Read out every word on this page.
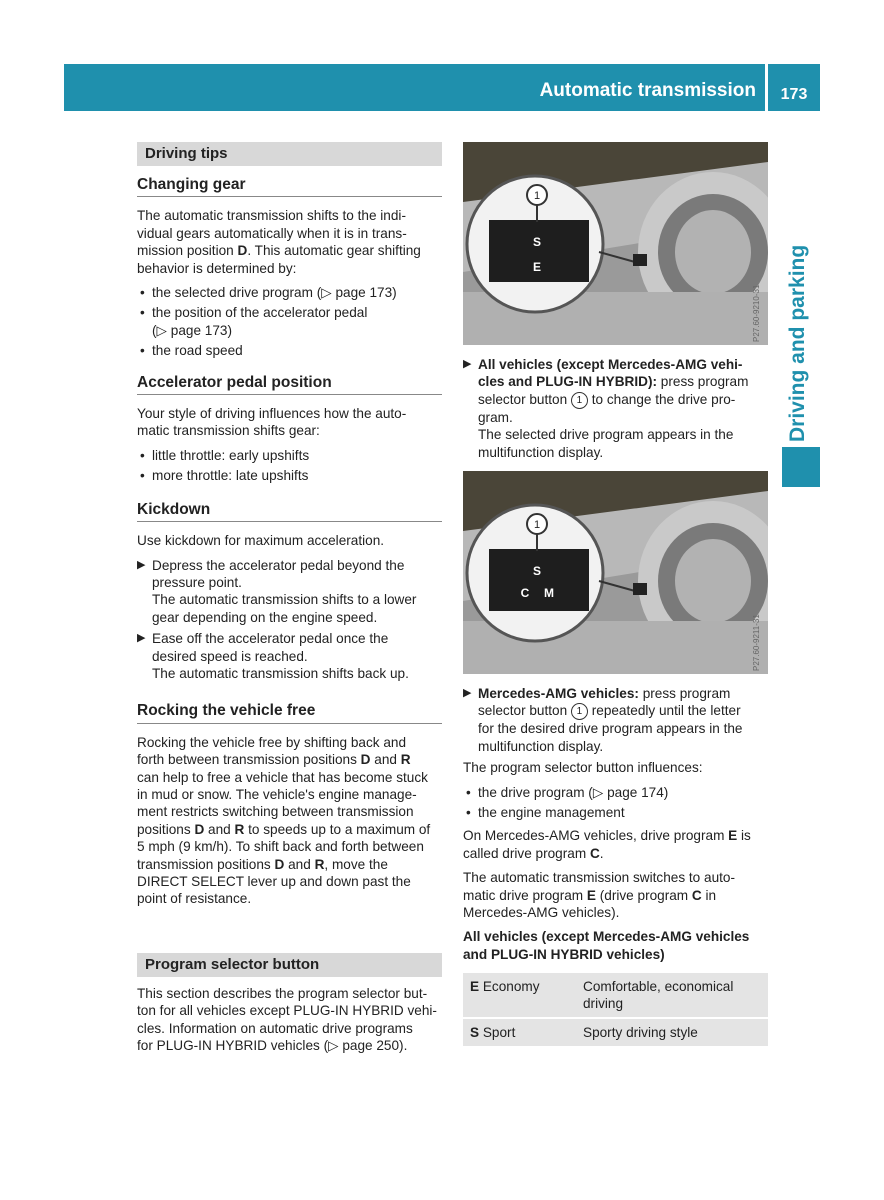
Automatic transmission	173
Driving and parking
Driving tips
Changing gear

The automatic transmission shifts to the indi-
vidual gears automatically when it is in trans-
mission position D. This automatic gear shifting
behavior is determined by:

• the selected drive program (▷ page 173)
• the position of the accelerator pedal
(▷ page 173)
• the road speed
Accelerator pedal position

Your style of driving influences how the auto-
matic transmission shifts gear:

• little throttle: early upshifts
• more throttle: late upshifts
Kickdown

Use kickdown for maximum acceleration.

▶ Depress the accelerator pedal beyond the
pressure point.
The automatic transmission shifts to a lower
gear depending on the engine speed.
▶ Ease off the accelerator pedal once the
desired speed is reached.
The automatic transmission shifts back up.
Rocking the vehicle free

Rocking the vehicle free by shifting back and
forth between transmission positions D and R
can help to free a vehicle that has become stuck
in mud or snow. The vehicle's engine manage-
ment restricts switching between transmission
positions D and R to speeds up to a maximum of
5 mph (9 km/h). To shift back and forth between
transmission positions D and R, move the
DIRECT SELECT lever up and down past the
point of resistance.

Program selector button

This section describes the program selector but-
ton for all vehicles except PLUG-IN HYBRID vehi-
cles. Information on automatic drive programs
for PLUG-IN HYBRID vehicles (▷ page 250).

1
S
E
P27.60-9210-31
▶ All vehicles (except Mercedes-AMG vehi-
cles and PLUG-IN HYBRID): press program
selector button 1 to change the drive pro-
gram.
The selected drive program appears in the
multifunction display.
1
S
C M
P27.60-9211-31
▶ Mercedes-AMG vehicles: press program
selector button 1 repeatedly until the letter
for the desired drive program appears in the
multifunction display.

The program selector button influences:

• the drive program (▷ page 174)
• the engine management

On Mercedes-AMG vehicles, drive program E is
called drive program C.

The automatic transmission switches to auto-
matic drive program E (drive program C in
Mercedes-AMG vehicles).

All vehicles (except Mercedes-AMG vehicles
and PLUG-IN HYBRID vehicles)

E Economy	Comfortable, economical driving
S Sport	Sporty driving style
